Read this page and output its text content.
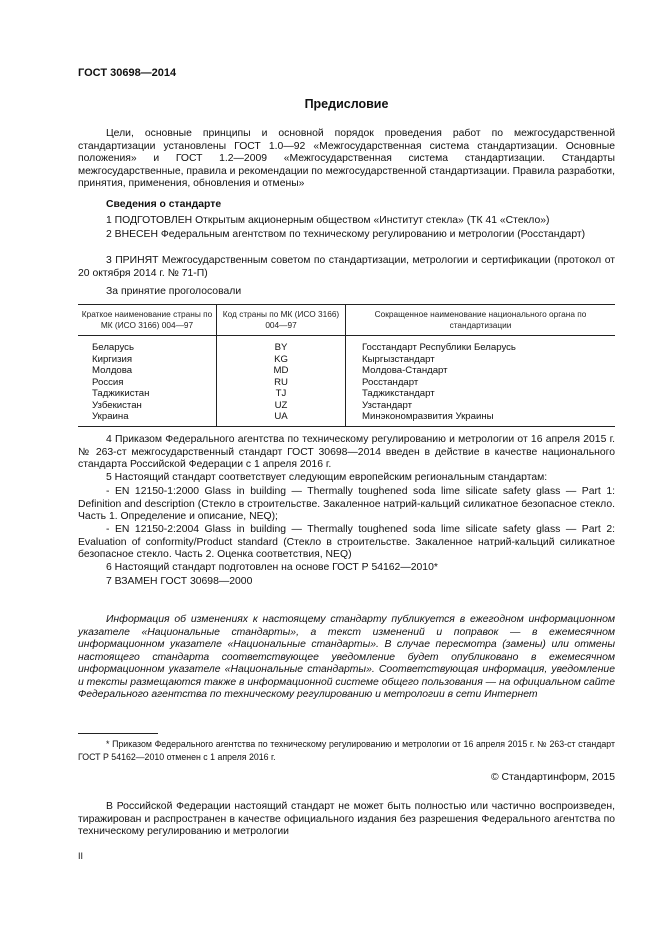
ГОСТ 30698—2014
Предисловие
Цели, основные принципы и основной порядок проведения работ по межгосударственной стандартизации установлены ГОСТ 1.0—92 «Межгосударственная система стандартизации. Основные положения» и ГОСТ 1.2—2009 «Межгосударственная система стандартизации. Стандарты межгосударственные, правила и рекомендации по межгосударственной стандартизации. Правила разработки, принятия, применения, обновления и отмены»
Сведения о стандарте
1 ПОДГОТОВЛЕН Открытым акционерным обществом «Институт стекла» (ТК 41 «Стекло»)
2 ВНЕСЕН Федеральным агентством по техническому регулированию и метрологии (Росстандарт)
3 ПРИНЯТ Межгосударственным советом по стандартизации, метрологии и сертификации (протокол от 20 октября 2014 г. № 71-П)
За принятие проголосовали
Краткое наименование страны по МК (ИСО 3166) 004—97	Код страны по МК (ИСО 3166) 004—97	Сокращенное наименование национального органа по стандартизации
Беларусь	BY	Госстандарт Республики Беларусь
Киргизия	KG	Кыргызстандарт
Молдова	MD	Молдова-Стандарт
Россия	RU	Росстандарт
Таджикистан	TJ	Таджикстандарт
Узбекистан	UZ	Узстандарт
Украина	UA	Минэкономразвития Украины
4 Приказом Федерального агентства по техническому регулированию и метрологии от 16 апреля 2015 г. № 263-ст межгосударственный стандарт ГОСТ 30698—2014 введен в действие в качестве национального стандарта Российской Федерации с 1 апреля 2016 г.
5 Настоящий стандарт соответствует следующим европейским региональным стандартам:
- EN 12150-1:2000 Glass in building — Thermally toughened soda lime silicate safety glass — Part 1: Definition and description (Стекло в строительстве. Закаленное натрий-кальций силикатное безопасное стекло. Часть 1. Определение и описание, NEQ);
- EN 12150-2:2004 Glass in building — Thermally toughened soda lime silicate safety glass — Part 2: Evaluation of conformity/Product standard (Стекло в строительстве. Закаленное натрий-кальций силикатное безопасное стекло. Часть 2. Оценка соответствия, NEQ)
6 Настоящий стандарт подготовлен на основе ГОСТ Р 54162—2010*
7 ВЗАМЕН ГОСТ 30698—2000
Информация об изменениях к настоящему стандарту публикуется в ежегодном информационном указателе «Национальные стандарты», а текст изменений и поправок — в ежемесячном информационном указателе «Национальные стандарты». В случае пересмотра (замены) или отмены настоящего стандарта соответствующее уведомление будет опубликовано в ежемесячном информационном указателе «Национальные стандарты». Соответствующая информация, уведомление и тексты размещаются также в информационной системе общего пользования — на официальном сайте Федерального агентства по техническому регулированию и метрологии в сети Интернет
* Приказом Федерального агентства по техническому регулированию и метрологии от 16 апреля 2015 г. № 263-ст стандарт ГОСТ Р 54162—2010 отменен с 1 апреля 2016 г.
© Стандартинформ, 2015
В Российской Федерации настоящий стандарт не может быть полностью или частично воспроизведен, тиражирован и распространен в качестве официального издания без разрешения Федерального агентства по техническому регулированию и метрологии
II
